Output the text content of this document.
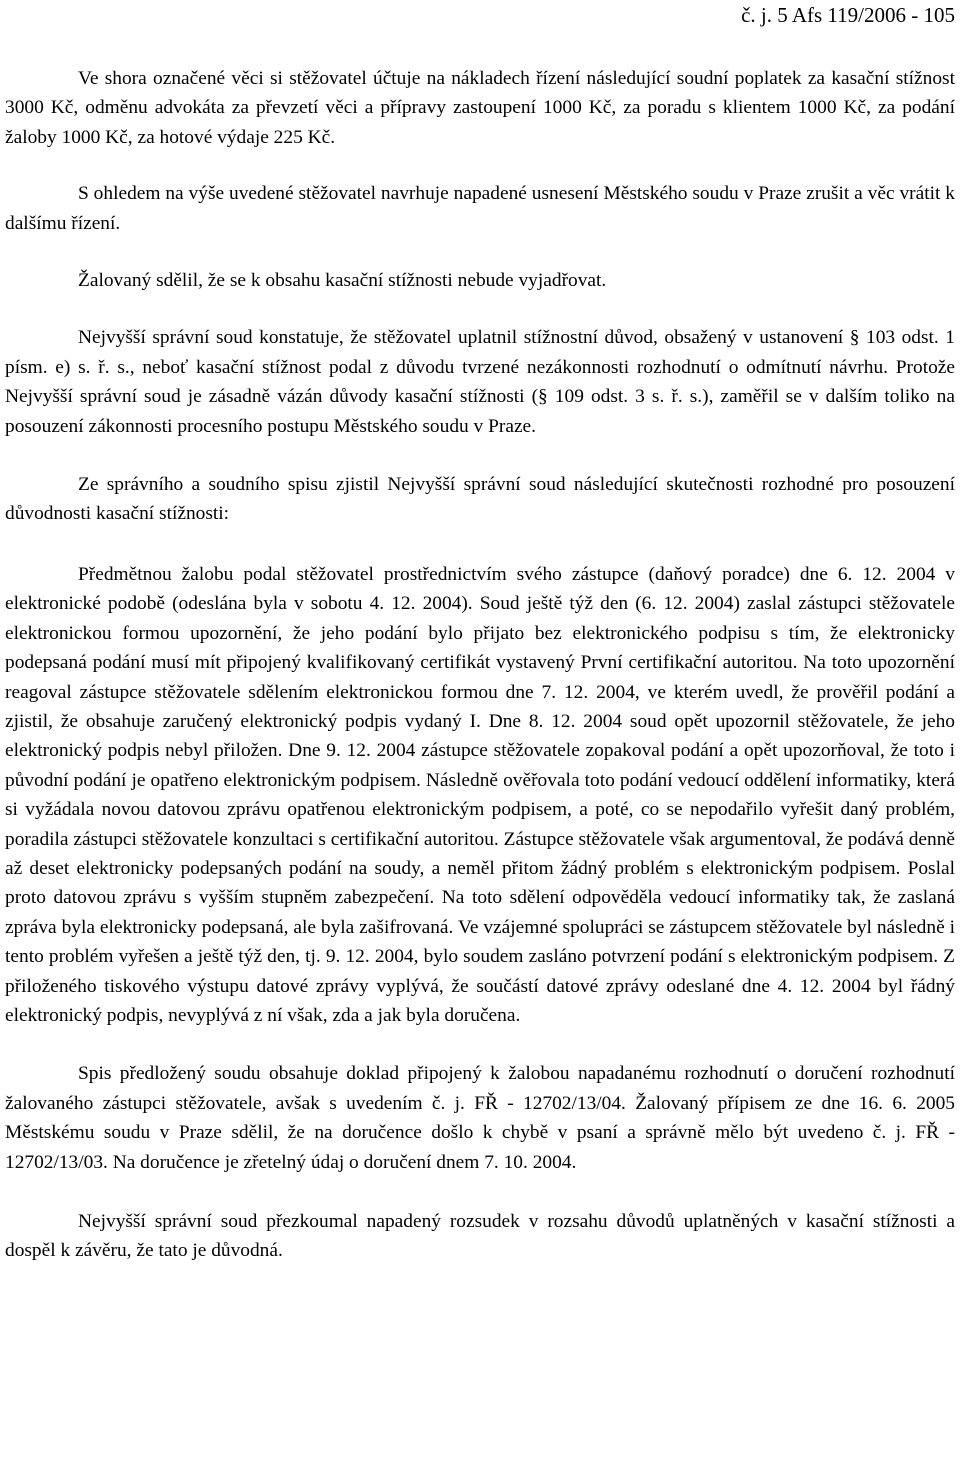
č. j. 5 Afs 119/2006 - 105

Ve shora označené věci si stěžovatel účtuje na nákladech řízení následující soudní poplatek za kasační stížnost 3000 Kč, odměnu advokáta za převzetí věci a přípravy zastoupení 1000 Kč, za poradu s klientem 1000 Kč, za podání žaloby 1000 Kč, za hotové výdaje 225 Kč.

S ohledem na výše uvedené stěžovatel navrhuje napadené usnesení Městského soudu v Praze zrušit a věc vrátit k dalšímu řízení.

Žalovaný sdělil, že se k obsahu kasační stížnosti nebude vyjadřovat.

Nejvyšší správní soud konstatuje, že stěžovatel uplatnil stížnostní důvod, obsažený v ustanovení § 103 odst. 1 písm. e) s. ř. s., neboť kasační stížnost podal z důvodu tvrzené nezákonnosti rozhodnutí o odmítnutí návrhu. Protože Nejvyšší správní soud je zásadně vázán důvody kasační stížnosti (§ 109 odst. 3 s. ř. s.), zaměřil se v dalším toliko na posouzení zákonnosti procesního postupu Městského soudu v Praze.

Ze správního a soudního spisu zjistil Nejvyšší správní soud následující skutečnosti rozhodné pro posouzení důvodnosti kasační stížnosti:

Předmětnou žalobu podal stěžovatel prostřednictvím svého zástupce (daňový poradce) dne 6. 12. 2004 v elektronické podobě (odeslána byla v sobotu 4. 12. 2004). Soud ještě týž den (6. 12. 2004) zaslal zástupci stěžovatele elektronickou formou upozornění, že jeho podání bylo přijato bez elektronického podpisu s tím, že elektronicky podepsaná podání musí mít připojený kvalifikovaný certifikát vystavený První certifikační autoritou. Na toto upozornění reagoval zástupce stěžovatele sdělením elektronickou formou dne 7. 12. 2004, ve kterém uvedl, že prověřil podání a zjistil, že obsahuje zaručený elektronický podpis vydaný I. Dne 8. 12. 2004 soud opět upozornil stěžovatele, že jeho elektronický podpis nebyl přiložen. Dne 9. 12. 2004 zástupce stěžovatele zopakoval podání a opět upozorňoval, že toto i původní podání je opatřeno elektronickým podpisem. Následně ověřovala toto podání vedoucí oddělení informatiky, která si vyžádala novou datovou zprávu opatřenou elektronickým podpisem, a poté, co se nepodařilo vyřešit daný problém, poradila zástupci stěžovatele konzultaci s certifikační autoritou. Zástupce stěžovatele však argumentoval, že podává denně až deset elektronicky podepsaných podání na soudy, a neměl přitom žádný problém s elektronickým podpisem. Poslal proto datovou zprávu s vyšším stupněm zabezpečení. Na toto sdělení odpověděla vedoucí informatiky tak, že zaslaná zpráva byla elektronicky podepsaná, ale byla zašifrovaná. Ve vzájemné spolupráci se zástupcem stěžovatele byl následně i tento problém vyřešen a ještě týž den, tj. 9. 12. 2004, bylo soudem zasláno potvrzení podání s elektronickým podpisem. Z přiloženého tiskového výstupu datové zprávy vyplývá, že součástí datové zprávy odeslané dne 4. 12. 2004 byl řádný elektronický podpis, nevyplývá z ní však, zda a jak byla doručena.

Spis předložený soudu obsahuje doklad připojený k žalobou napadanému rozhodnutí o doručení rozhodnutí žalovaného zástupci stěžovatele, avšak s uvedením č. j. FŘ - 12702/13/04. Žalovaný přípisem ze dne 16. 6. 2005 Městskému soudu v Praze sdělil, že na doručence došlo k chybě v psaní a správně mělo být uvedeno č. j. FŘ - 12702/13/03. Na doručence je zřetelný údaj o doručení dnem 7. 10. 2004.

Nejvyšší správní soud přezkoumal napadený rozsudek v rozsahu důvodů uplatněných v kasační stížnosti a dospěl k závěru, že tato je důvodná.
